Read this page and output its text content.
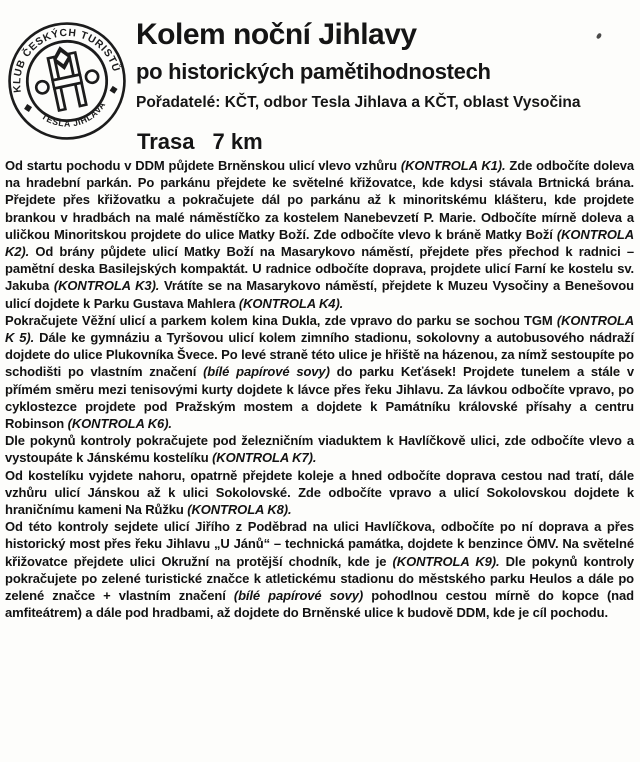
KLUB ČESKÝCH TURISTŮ
TESLA JIHLAVA
Kolem noční Jihlavy
po historických pamětihodnostech
Pořadatelé: KČT, odbor Tesla Jihlava a KČT, oblast Vysočina
Trasa 7 km

Od startu pochodu v DDM půjdete Brněnskou ulicí vlevo vzhůru (KONTROLA K1). Zde odbočíte doleva na hradební parkán. Po parkánu přejdete ke světelné křižovatce, kde kdysi stávala Brtnická brána. Přejdete přes křižovatku a pokračujete dál po parkánu až k minoritskému klášteru, kde projdete brankou v hradbách na malé náměstíčko za kostelem Nanebevzetí P. Marie. Odbočíte mírně doleva a uličkou Minoritskou projdete do ulice Matky Boží. Zde odbočíte vlevo k bráně Matky Boží (KONTROLA K2). Od brány půjdete ulicí Matky Boží na Masarykovo náměstí, přejdete přes přechod k radnici – pamětní deska Basilejských kompaktát. U radnice odbočíte doprava, projdete ulicí Farní ke kostelu sv. Jakuba (KONTROLA K3). Vrátíte se na Masarykovo náměstí, přejdete k Muzeu Vysočiny a Benešovou ulicí dojdete k Parku Gustava Mahlera (KONTROLA K4).

Pokračujete Věžní ulicí a parkem kolem kina Dukla, zde vpravo do parku se sochou TGM (KONTROLA K 5). Dále ke gymnáziu a Tyršovou ulicí kolem zimního stadionu, sokolovny a autobusového nádraží dojdete do ulice Plukovníka Švece. Po levé straně této ulice je hřiště na házenou, za nímž sestoupíte po schodišti po vlastním značení (bílé papírové sovy) do parku Keťásek! Projdete tunelem a stále v přímém směru mezi tenisovými kurty dojdete k lávce přes řeku Jihlavu. Za lávkou odbočíte vpravo, po cyklostezce projdete pod Pražským mostem a dojdete k Památníku královské přísahy a centru Robinson (KONTROLA K6).

Dle pokynů kontroly pokračujete pod železničním viaduktem k Havlíčkově ulici, zde odbočíte vlevo a vystoupáte k Jánskému kostelíku (KONTROLA K7).

Od kostelíku vyjdete nahoru, opatrně přejdete koleje a hned odbočíte doprava cestou nad tratí, dále vzhůru ulicí Jánskou až k ulici Sokolovské. Zde odbočíte vpravo a ulicí Sokolovskou dojdete k hraničnímu kameni Na Růžku (KONTROLA K8).

Od této kontroly sejdete ulicí Jiřího z Poděbrad na ulici Havlíčkova, odbočíte po ní doprava a přes historický most přes řeku Jihlavu „U Jánů“ – technická památka, dojdete k benzince ÖMV. Na světelné křižovatce přejdete ulici Okružní na protější chodník, kde je (KONTROLA K9). Dle pokynů kontroly pokračujete po zelené turistické značce k atletickému stadionu do městského parku Heulos a dále po zelené značce + vlastním značení (bílé papírové sovy) pohodlnou cestou mírně do kopce (nad amfiteátrem) a dále pod hradbami, až dojdete do Brněnské ulice k budově DDM, kde je cíl pochodu.
